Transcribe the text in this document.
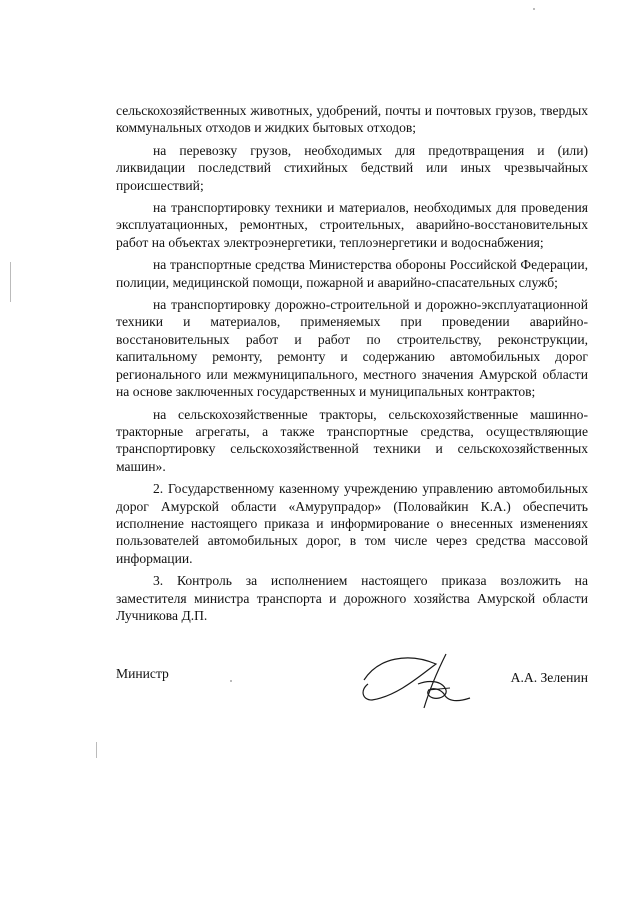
сельскохозяйственных животных, удобрений, почты и почтовых грузов, твердых коммунальных отходов и жидких бытовых отходов;

на перевозку грузов, необходимых для предотвращения и (или) ликвидации последствий стихийных бедствий или иных чрезвычайных происшествий;

на транспортировку техники и материалов, необходимых для проведения эксплуатационных, ремонтных, строительных, аварийно-восстановительных работ на объектах электроэнергетики, теплоэнергетики и водоснабжения;

на транспортные средства Министерства обороны Российской Федерации, полиции, медицинской помощи, пожарной и аварийно-спасательных служб;

на транспортировку дорожно-строительной и дорожно-эксплуатационной техники и материалов, применяемых при проведении аварийно-восстановительных работ и работ по строительству, реконструкции, капитальному ремонту, ремонту и содержанию автомобильных дорог регионального или межмуниципального, местного значения Амурской области на основе заключенных государственных и муниципальных контрактов;

на сельскохозяйственные тракторы, сельскохозяйственные машинно-тракторные агрегаты, а также транспортные средства, осуществляющие транспортировку сельскохозяйственной техники и сельскохозяйственных машин».

2. Государственному казенному учреждению управлению автомобильных дорог Амурской области «Амурупрадор» (Половайкин К.А.) обеспечить исполнение настоящего приказа и информирование о внесенных изменениях пользователей автомобильных дорог, в том числе через средства массовой информации.

3. Контроль за исполнением настоящего приказа возложить на заместителя министра транспорта и дорожного хозяйства Амурской области Лучникова Д.П.

Министр	А.А. Зеленин
